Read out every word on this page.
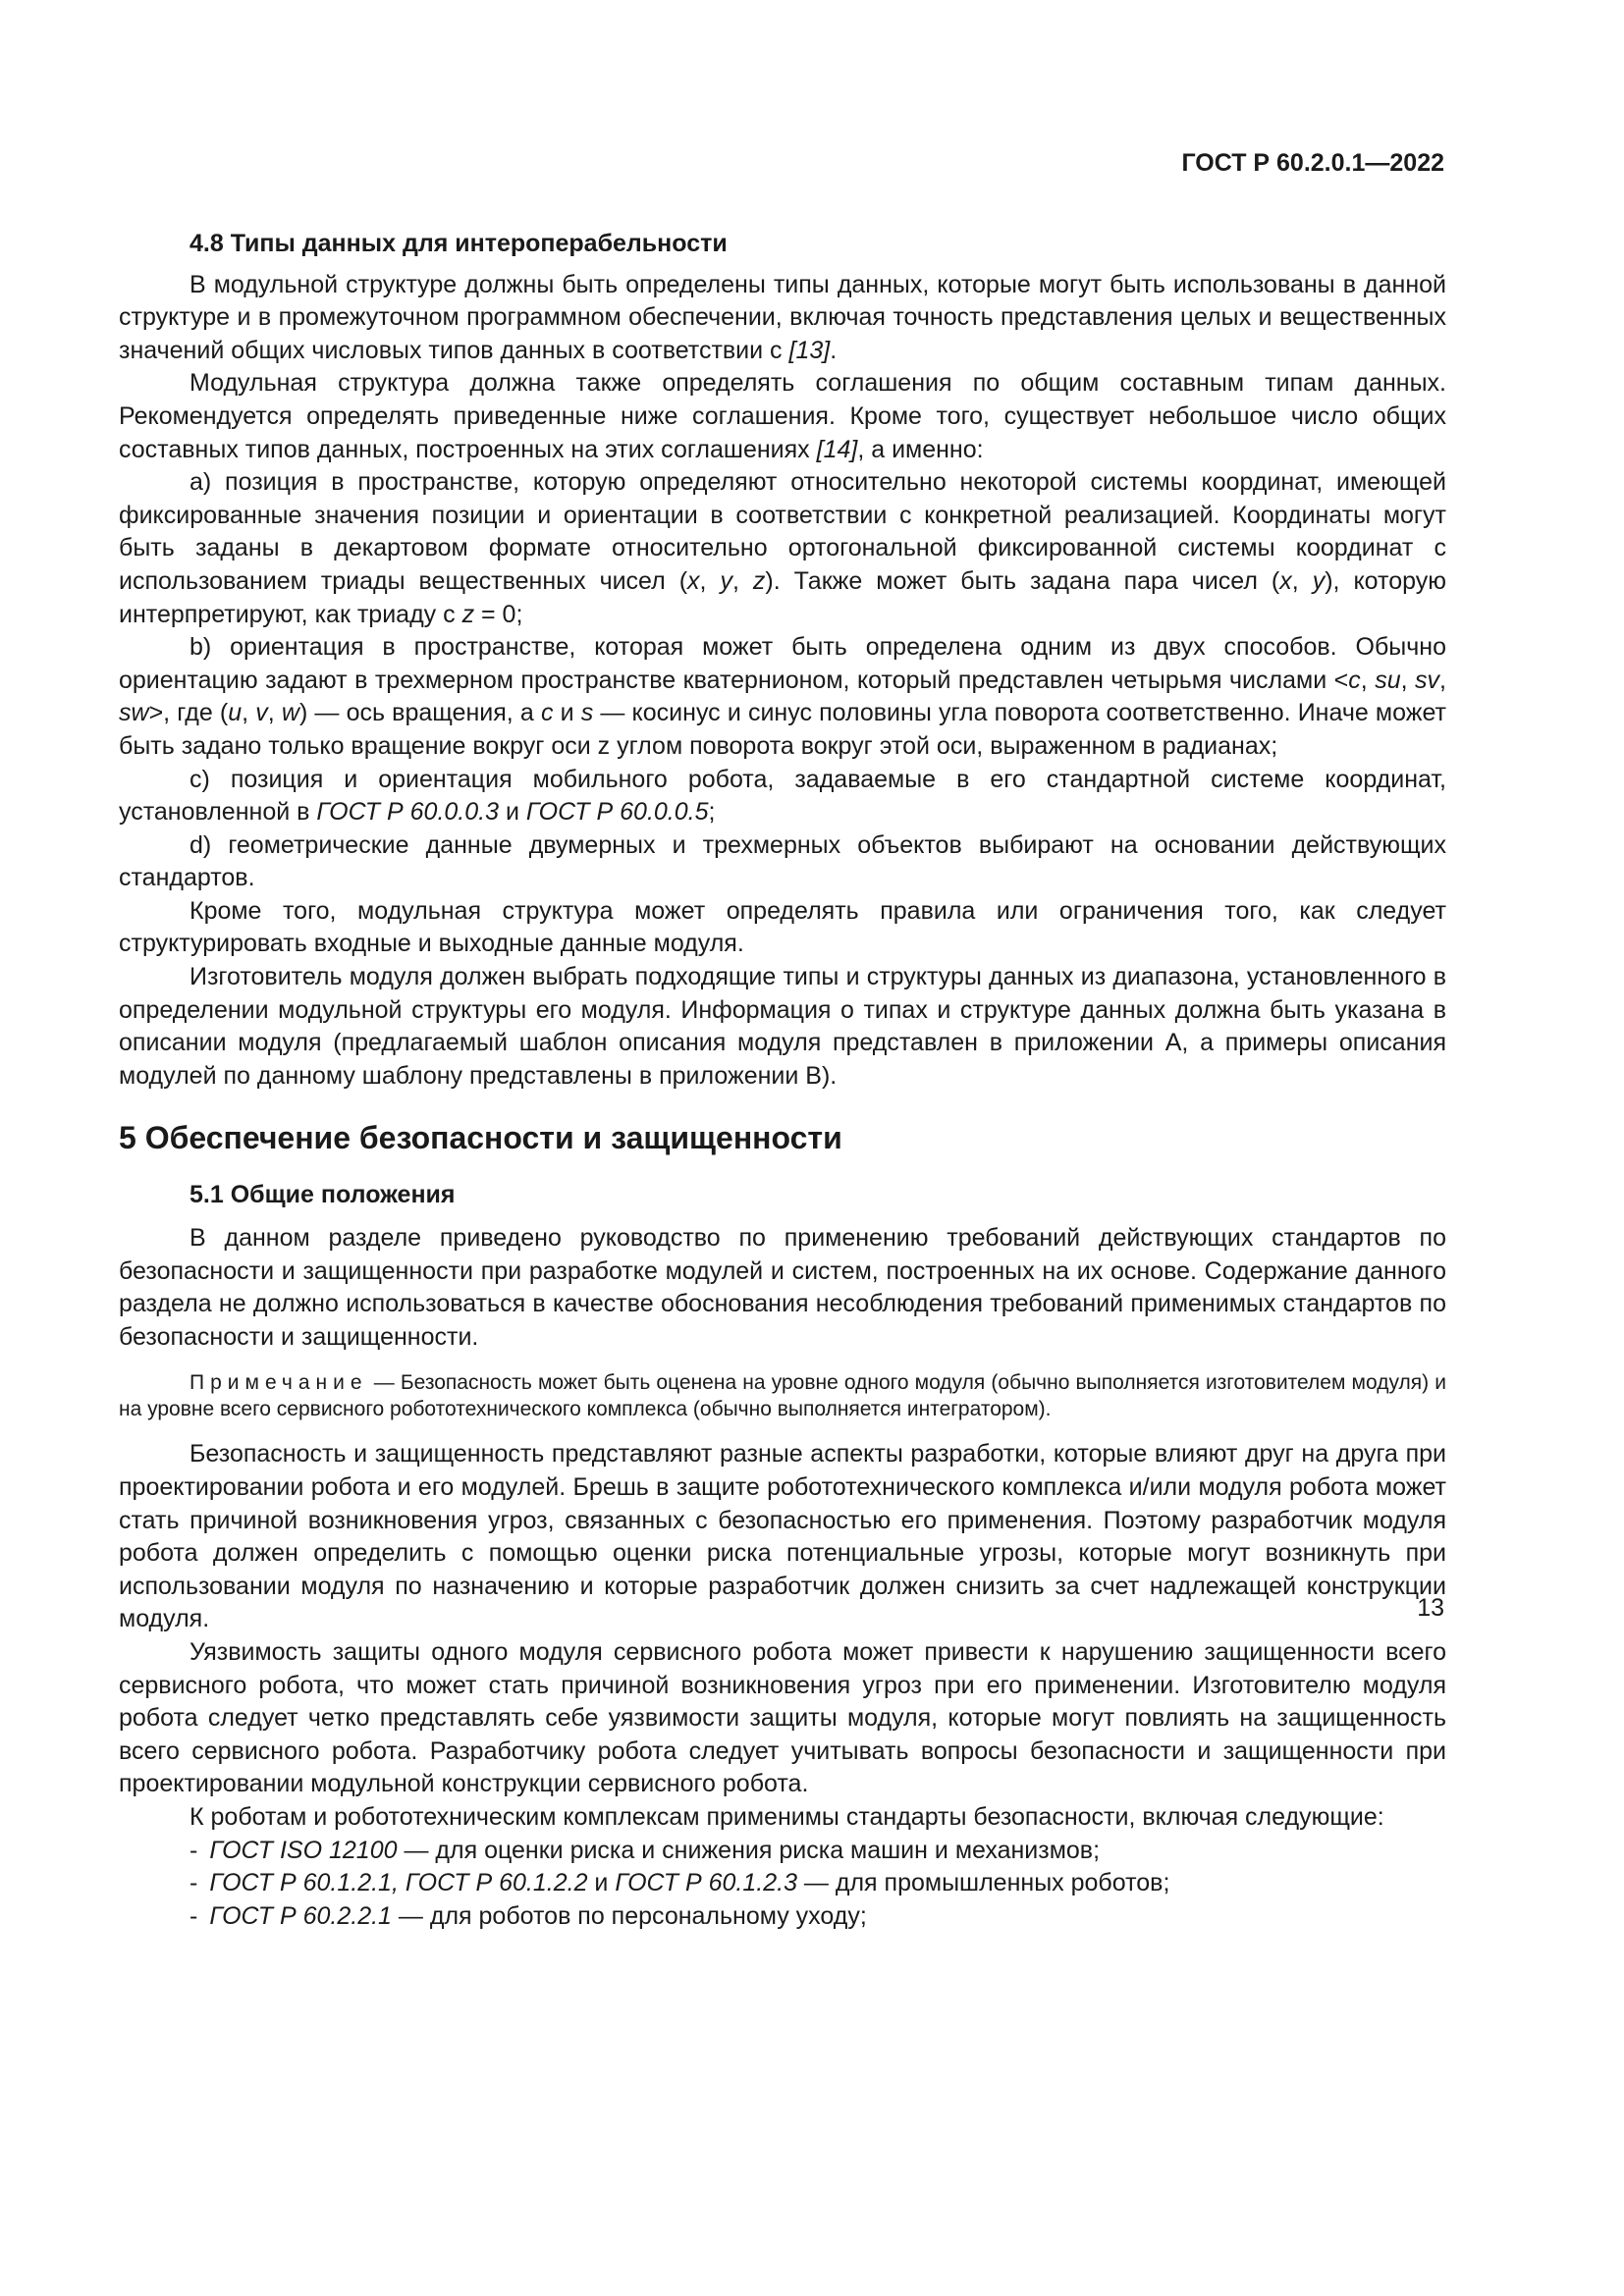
ГОСТ Р 60.2.0.1—2022
4.8 Типы данных для интероперабельности

В модульной структуре должны быть определены типы данных, которые могут быть использованы в данной структуре и в промежуточном программном обеспечении, включая точность представления целых и вещественных значений общих числовых типов данных в соответствии с [13].

Модульная структура должна также определять соглашения по общим составным типам данных. Рекомендуется определять приведенные ниже соглашения. Кроме того, существует небольшое число общих составных типов данных, построенных на этих соглашениях [14], а именно:

a) позиция в пространстве, которую определяют относительно некоторой системы координат, имеющей фиксированные значения позиции и ориентации в соответствии с конкретной реализацией. Координаты могут быть заданы в декартовом формате относительно ортогональной фиксированной системы координат с использованием триады вещественных чисел (x, y, z). Также может быть задана пара чисел (x, y), которую интерпретируют, как триаду с z = 0;

b) ориентация в пространстве, которая может быть определена одним из двух способов. Обычно ориентацию задают в трехмерном пространстве кватернионом, который представлен четырьмя числами <c, su, sv, sw>, где (u, v, w) — ось вращения, а c и s — косинус и синус половины угла поворота соответственно. Иначе может быть задано только вращение вокруг оси z углом поворота вокруг этой оси, выраженном в радианах;

c) позиция и ориентация мобильного робота, задаваемые в его стандартной системе координат, установленной в ГОСТ Р 60.0.0.3 и ГОСТ Р 60.0.0.5;

d) геометрические данные двумерных и трехмерных объектов выбирают на основании действующих стандартов.

Кроме того, модульная структура может определять правила или ограничения того, как следует структурировать входные и выходные данные модуля.

Изготовитель модуля должен выбрать подходящие типы и структуры данных из диапазона, установленного в определении модульной структуры его модуля. Информация о типах и структуре данных должна быть указана в описании модуля (предлагаемый шаблон описания модуля представлен в приложении А, а примеры описания модулей по данному шаблону представлены в приложении В).

5 Обеспечение безопасности и защищенности
5.1 Общие положения

В данном разделе приведено руководство по применению требований действующих стандартов по безопасности и защищенности при разработке модулей и систем, построенных на их основе. Содержание данного раздела не должно использоваться в качестве обоснования несоблюдения требований применимых стандартов по безопасности и защищенности.

Примечание — Безопасность может быть оценена на уровне одного модуля (обычно выполняется изготовителем модуля) и на уровне всего сервисного робототехнического комплекса (обычно выполняется интегратором).

Безопасность и защищенность представляют разные аспекты разработки, которые влияют друг на друга при проектировании робота и его модулей. Брешь в защите робототехнического комплекса и/или модуля робота может стать причиной возникновения угроз, связанных с безопасностью его применения. Поэтому разработчик модуля робота должен определить с помощью оценки риска потенциальные угрозы, которые могут возникнуть при использовании модуля по назначению и которые разработчик должен снизить за счет надлежащей конструкции модуля.

Уязвимость защиты одного модуля сервисного робота может привести к нарушению защищенности всего сервисного робота, что может стать причиной возникновения угроз при его применении. Изготовителю модуля робота следует четко представлять себе уязвимости защиты модуля, которые могут повлиять на защищенность всего сервисного робота. Разработчику робота следует учитывать вопросы безопасности и защищенности при проектировании модульной конструкции сервисного робота.

К роботам и робототехническим комплексам применимы стандарты безопасности, включая следующие:

- ГОСТ ISO 12100 — для оценки риска и снижения риска машин и механизмов;
- ГОСТ Р 60.1.2.1, ГОСТ Р 60.1.2.2 и ГОСТ Р 60.1.2.3 — для промышленных роботов;
- ГОСТ Р 60.2.2.1 — для роботов по персональному уходу;
13
